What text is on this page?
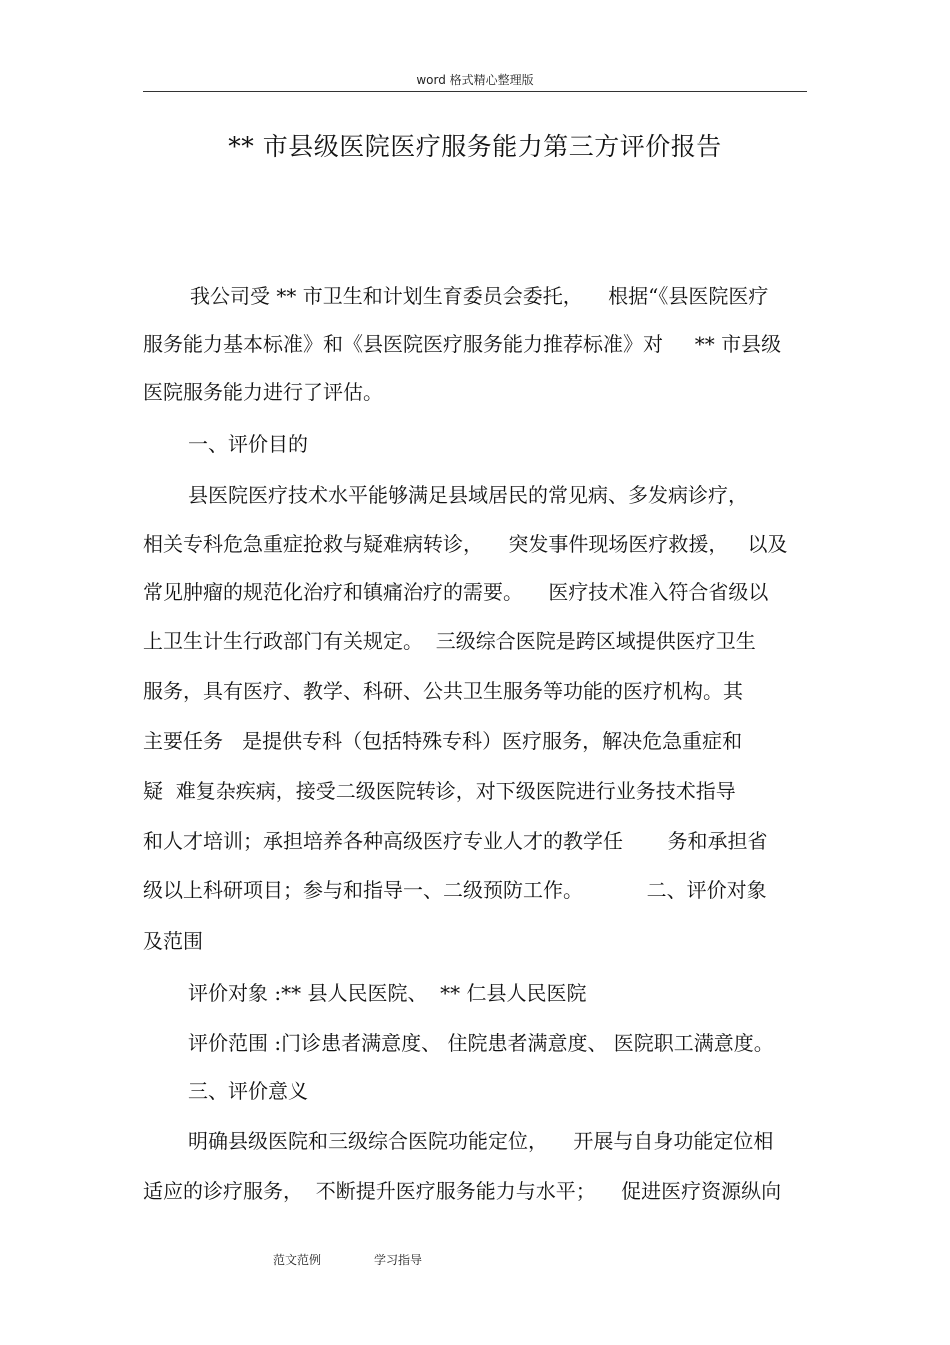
word 格式精心整理版
** 市县级医院医疗服务能力第三方评价报告
我公司受 ** 市卫生和计划生育委员会委托，    根据“《县医院医疗
服务能力基本标准》和《县医院医疗服务能力推荐标准》对     ** 市县级
医院服务能力进行了评估。
一、评价目的
县医院医疗技术水平能够满足县域居民的常见病、多发病诊疗，
相关专科危急重症抢救与疑难病转诊，    突发事件现场医疗救援，   以及
常见肿瘤的规范化治疗和镇痛治疗的需要。    医疗技术准入符合省级以
上卫生计生行政部门有关规定。  三级综合医院是跨区域提供医疗卫生
服务，具有医疗、教学、科研、公共卫生服务等功能的医疗机构。其
主要任务   是提供专科（包括特殊专科）医疗服务，解决危急重症和
疑  难复杂疾病，接受二级医院转诊，对下级医院进行业务技术指导
和人才培训；承担培养各种高级医疗专业人才的教学任       务和承担省
级以上科研项目；参与和指导一、二级预防工作。          二、评价对象
及范围
评价对象 :** 县人民医院、  ** 仁县人民医院
评价范围 :门诊患者满意度、 住院患者满意度、 医院职工满意度。
三、评价意义
明确县级医院和三级综合医院功能定位，    开展与自身功能定位相
适应的诊疗服务，  不断提升医疗服务能力与水平；    促进医疗资源纵向
范文范例	学习指导
